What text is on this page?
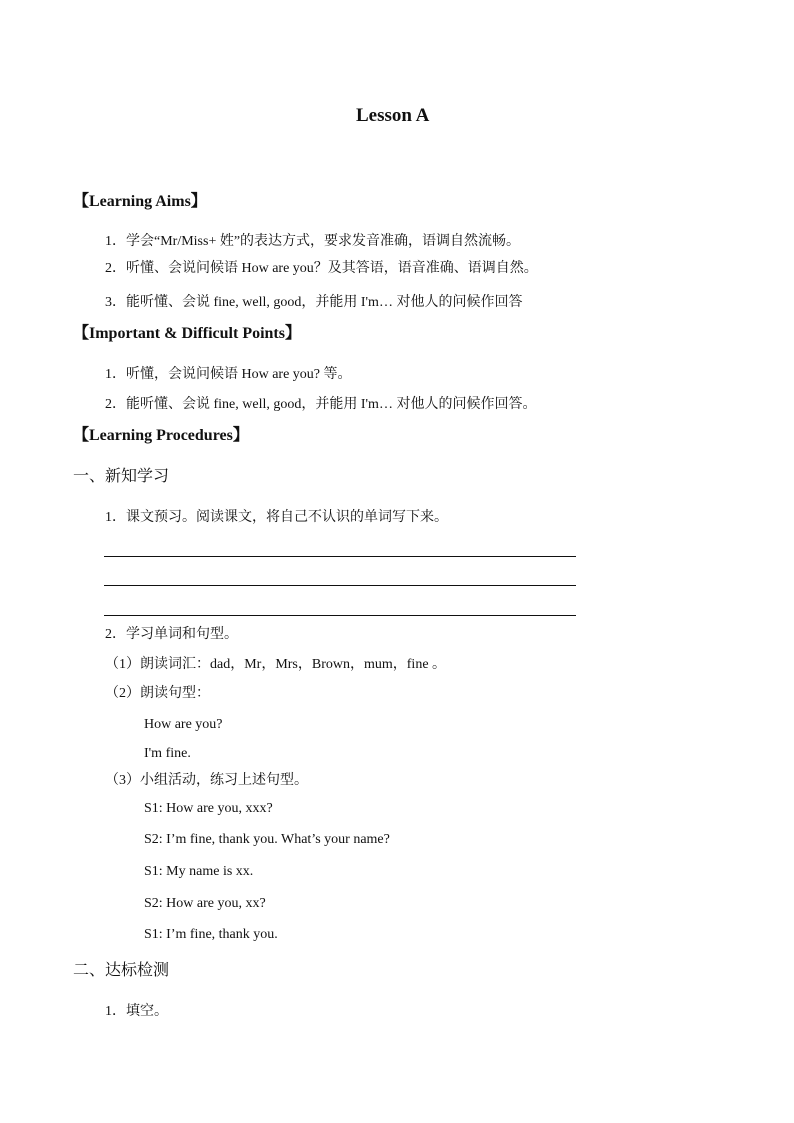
Lesson A
【Learning Aims】
1．学会“Mr/Miss+ 姓”的表达方式，要求发音准确，语调自然流畅。
2．听懂、会说问候语 How are you？及其答语，语音准确、语调自然。
3．能听懂、会说 fine, well, good，并能用 I'm… 对他人的问候作回答
【Important & Difficult Points】
1．听懂，会说问候语 How are you? 等。
2．能听懂、会说 fine, well, good，并能用 I'm… 对他人的问候作回答。
【Learning Procedures】
一、新知学习
1．课文预习。阅读课文，将自己不认识的单词写下来。
2．学习单词和句型。
（1）朗读词汇：dad，Mr，Mrs，Brown，mum，fine 。
（2）朗读句型：
How are you?
I'm fine.
（3）小组活动，练习上述句型。
S1: How are you, xxx?
S2: I’m fine, thank you. What’s your name?
S1: My name is xx.
S2: How are you, xx?
S1: I’m fine, thank you.
二、达标检测
1．填空。
